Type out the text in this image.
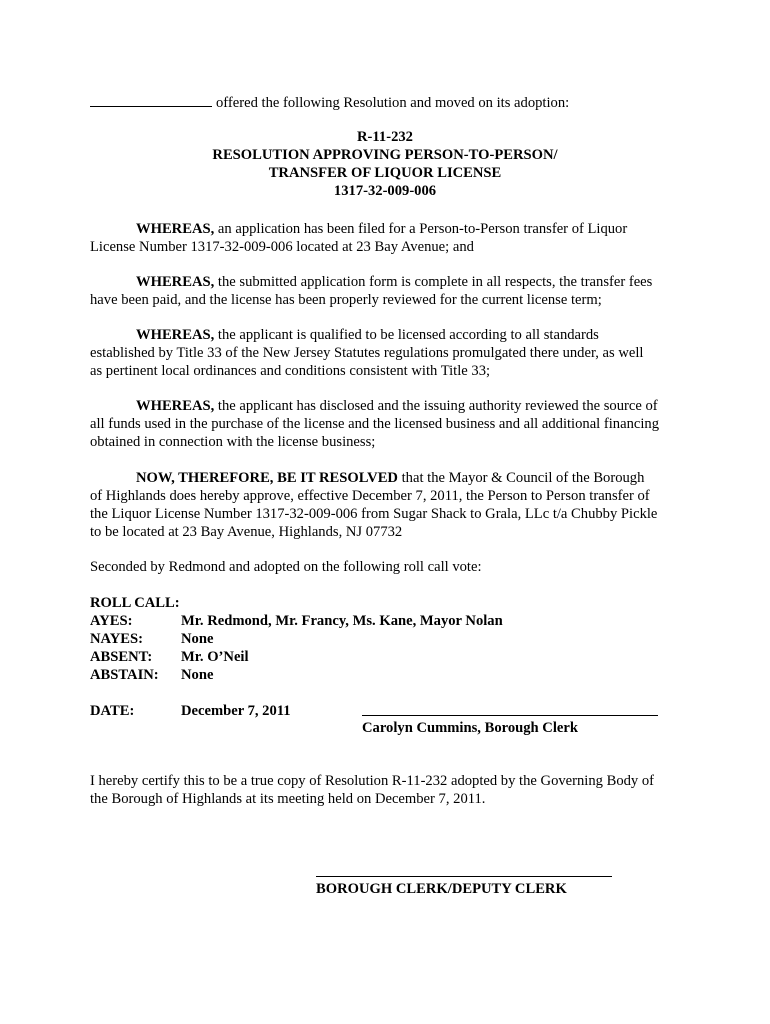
offered the following Resolution and moved on its adoption:
R-11-232
RESOLUTION APPROVING PERSON-TO-PERSON/
TRANSFER OF LIQUOR LICENSE
1317-32-009-006
WHEREAS, an application has been filed for a Person-to-Person transfer of Liquor
License Number 1317-32-009-006 located at 23 Bay Avenue; and
WHEREAS, the submitted application form is complete in all respects, the transfer fees
have been paid, and the license has been properly reviewed for the current license term;
WHEREAS, the applicant is qualified to be licensed according to all standards
established by Title 33 of the New Jersey Statutes regulations promulgated there under, as well
as pertinent local ordinances and conditions consistent with Title 33;
WHEREAS, the applicant has disclosed and the issuing authority reviewed the source of
all funds used in the purchase of the license and the licensed business and all additional financing
obtained in connection with the license business;
NOW, THEREFORE, BE IT RESOLVED that the Mayor & Council of the Borough
of Highlands does hereby approve, effective December 7, 2011, the Person to Person transfer of
the Liquor License Number 1317-32-009-006 from Sugar Shack to Grala, LLc t/a Chubby Pickle
to be located at 23 Bay Avenue, Highlands, NJ 07732
Seconded by Redmond and adopted on the following roll call vote:
ROLL CALL:
AYES:	Mr. Redmond, Mr. Francy, Ms. Kane, Mayor Nolan
NAYES:	None
ABSENT: Mr. O’Neil
ABSTAIN: None
DATE:	December 7, 2011
Carolyn Cummins, Borough Clerk
I hereby certify this to be a true copy of Resolution R-11-232 adopted by the Governing Body of
the Borough of Highlands at its meeting held on December 7, 2011.
BOROUGH CLERK/DEPUTY CLERK
